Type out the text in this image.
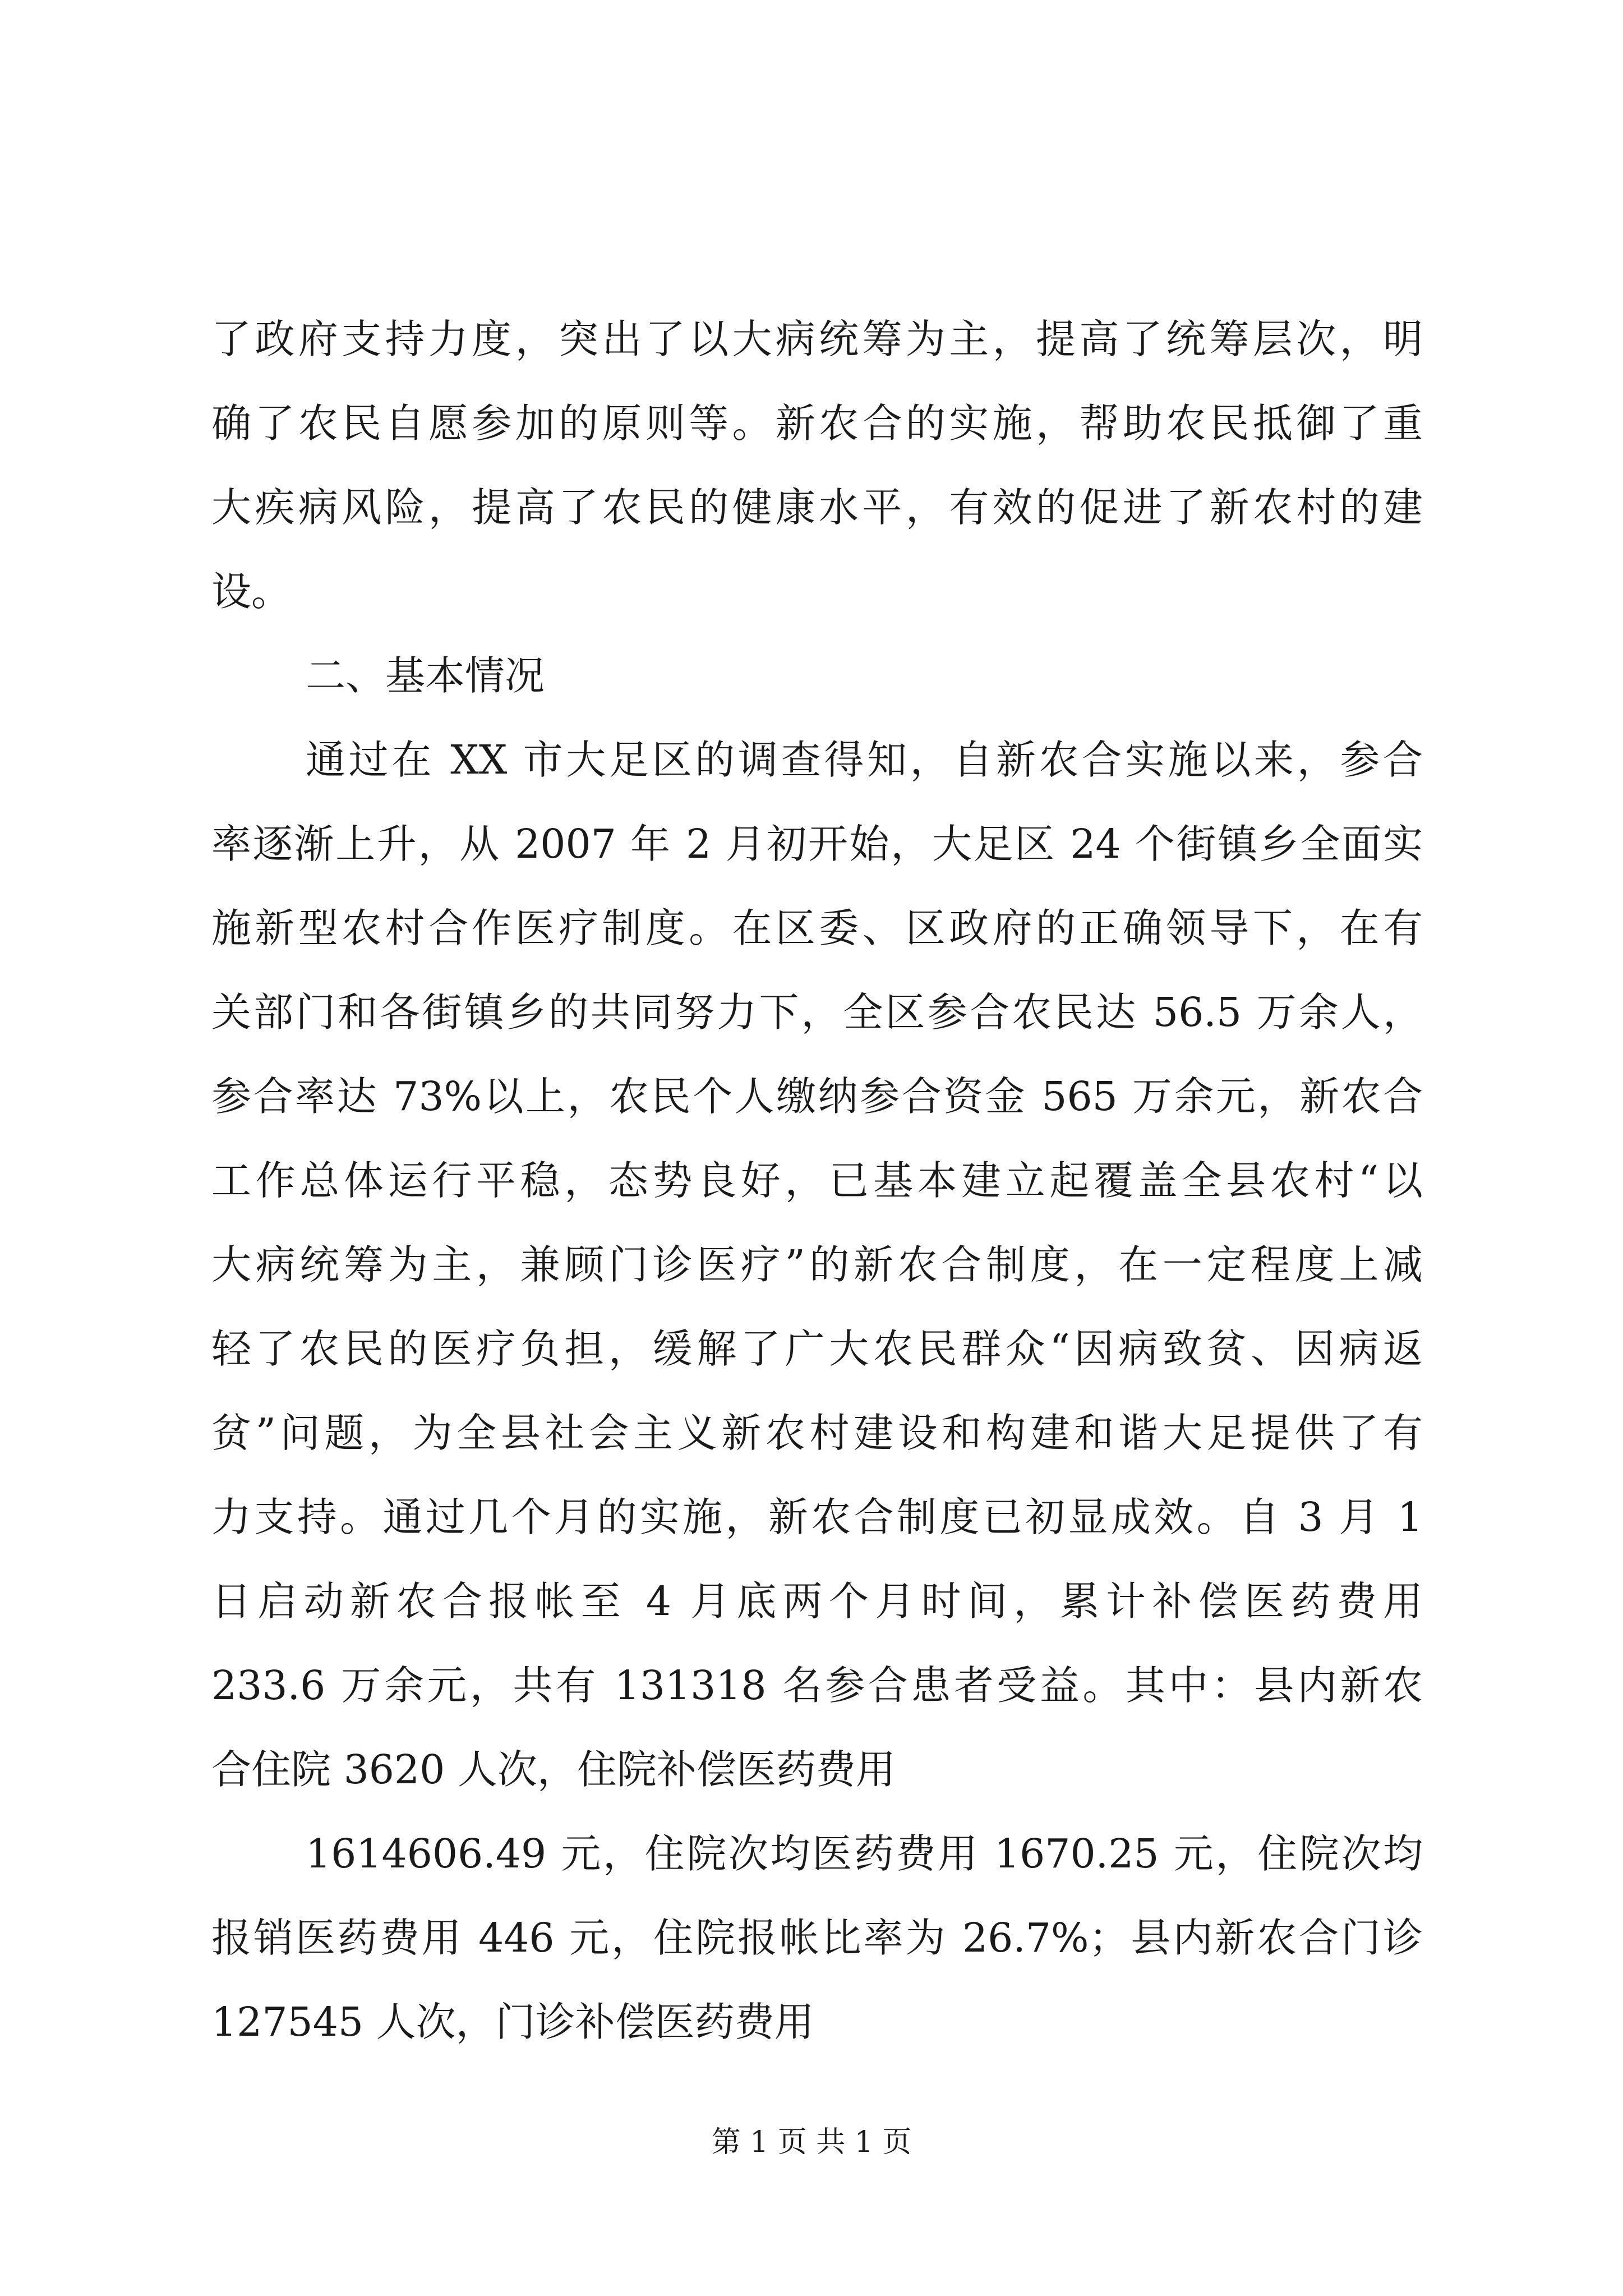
了政府支持力度，突出了以大病统筹为主，提高了统筹层次，明
确了农民自愿参加的原则等。新农合的实施，帮助农民抵御了重
大疾病风险，提高了农民的健康水平，有效的促进了新农村的建
设。
二、基本情况
通过在 XX 市大足区的调查得知，自新农合实施以来，参合
率逐渐上升，从 2007 年 2 月初开始，大足区 24 个街镇乡全面实
施新型农村合作医疗制度。在区委、区政府的正确领导下，在有
关部门和各街镇乡的共同努力下，全区参合农民达 56.5 万余人，
参合率达 73%以上，农民个人缴纳参合资金 565 万余元，新农合
工作总体运行平稳，态势良好，已基本建立起覆盖全县农村“以
大病统筹为主，兼顾门诊医疗”的新农合制度，在一定程度上减
轻了农民的医疗负担，缓解了广大农民群众“因病致贫、因病返
贫”问题，为全县社会主义新农村建设和构建和谐大足提供了有
力支持。通过几个月的实施，新农合制度已初显成效。自 3 月 1
日启动新农合报帐至 4 月底两个月时间，累计补偿医药费用
233.6 万余元，共有 131318 名参合患者受益。其中：县内新农
合住院 3620 人次，住院补偿医药费用
1614606.49 元，住院次均医药费用 1670.25 元，住院次均
报销医药费用 446 元，住院报帐比率为 26.7%；县内新农合门诊
127545 人次，门诊补偿医药费用
第 1 页 共 1 页
